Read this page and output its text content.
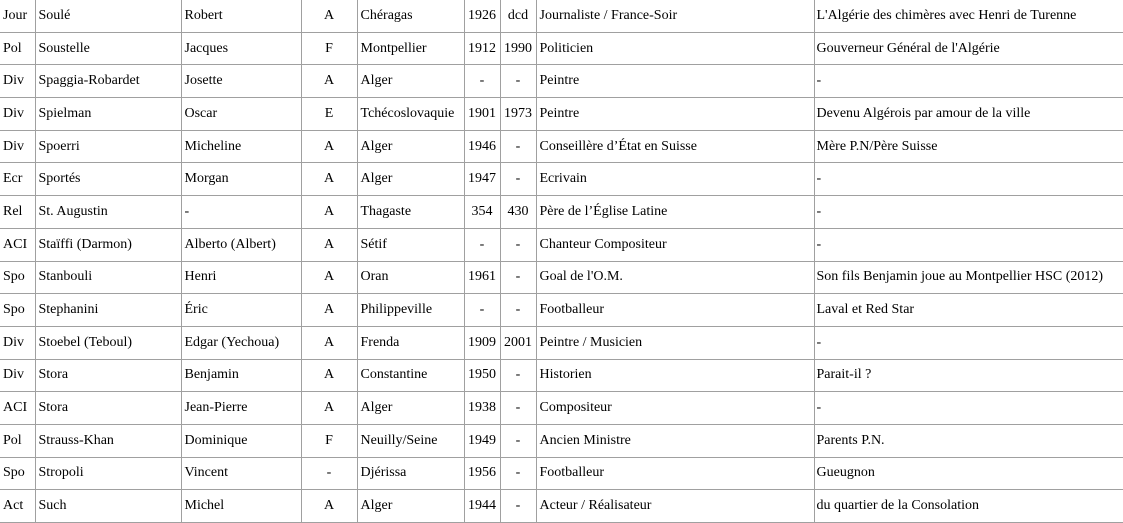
Jour	Soulé	Robert	A	Chéragas	1926	dcd	Journaliste / France-Soir	L'Algérie des chimères avec Henri de Turenne
Pol	Soustelle	Jacques	F	Montpellier	1912	1990	Politicien	Gouverneur Général de l'Algérie
Div	Spaggia-Robardet	Josette	A	Alger	-	-	Peintre	-
Div	Spielman	Oscar	E	Tchécoslovaquie	1901	1973	Peintre	Devenu Algérois par amour de la ville
Div	Spoerri	Micheline	A	Alger	1946	-	Conseillère d’État en Suisse	Mère P.N/Père Suisse
Ecr	Sportés	Morgan	A	Alger	1947	-	Ecrivain	-
Rel	St. Augustin	-	A	Thagaste	354	430	Père de l’Église Latine	-
ACI	Staïffi (Darmon)	Alberto (Albert)	A	Sétif	-	-	Chanteur Compositeur	-
Spo	Stanbouli	Henri	A	Oran	1961	-	Goal de l'O.M.	Son fils Benjamin joue au Montpellier HSC (2012)
Spo	Stephanini	Éric	A	Philippeville	-	-	Footballeur	Laval et Red Star
Div	Stoebel (Teboul)	Edgar (Yechoua)	A	Frenda	1909	2001	Peintre / Musicien	-
Div	Stora	Benjamin	A	Constantine	1950	-	Historien	Parait-il ?
ACI	Stora	Jean-Pierre	A	Alger	1938	-	Compositeur	-
Pol	Strauss-Khan	Dominique	F	Neuilly/Seine	1949	-	Ancien Ministre	Parents P.N.
Spo	Stropoli	Vincent	-	Djérissa	1956	-	Footballeur	Gueugnon
Act	Such	Michel	A	Alger	1944	-	Acteur / Réalisateur	du quartier de la Consolation
